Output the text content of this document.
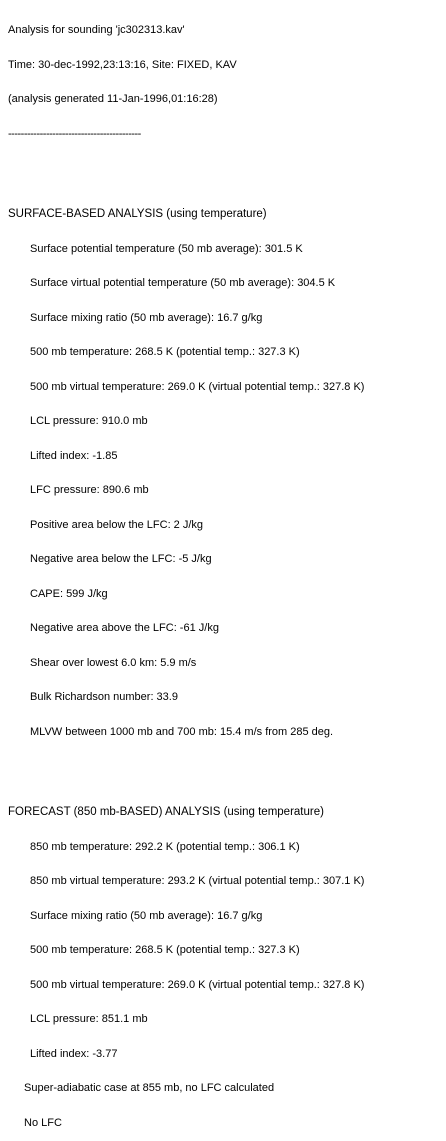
Analysis for sounding 'jc302313.kav'

Time: 30-dec-1992,23:13:16, Site: FIXED, KAV

(analysis generated 11-Jan-1996,01:16:28)

------------------------------------------

SURFACE-BASED ANALYSIS (using temperature)

Surface potential temperature (50 mb average): 301.5 K

Surface virtual potential temperature (50 mb average): 304.5 K

Surface mixing ratio (50 mb average): 16.7 g/kg

500 mb temperature: 268.5 K (potential temp.: 327.3 K)

500 mb virtual temperature: 269.0 K (virtual potential temp.: 327.8 K)

LCL pressure: 910.0 mb

Lifted index: -1.85

LFC pressure: 890.6 mb

Positive area below the LFC: 2 J/kg

Negative area below the LFC: -5 J/kg

CAPE: 599 J/kg

Negative area above the LFC: -61 J/kg

Shear over lowest 6.0 km: 5.9 m/s

Bulk Richardson number: 33.9

MLVW between 1000 mb and 700 mb: 15.4 m/s from 285 deg.

FORECAST (850 mb-BASED) ANALYSIS (using temperature)

850 mb temperature: 292.2 K (potential temp.: 306.1 K)

850 mb virtual temperature: 293.2 K (virtual potential temp.: 307.1 K)

Surface mixing ratio (50 mb average): 16.7 g/kg

500 mb temperature: 268.5 K (potential temp.: 327.3 K)

500 mb virtual temperature: 269.0 K (virtual potential temp.: 327.8 K)

LCL pressure: 851.1 mb

Lifted index: -3.77

Super-adiabatic case at 855 mb, no LFC calculated

No LFC
